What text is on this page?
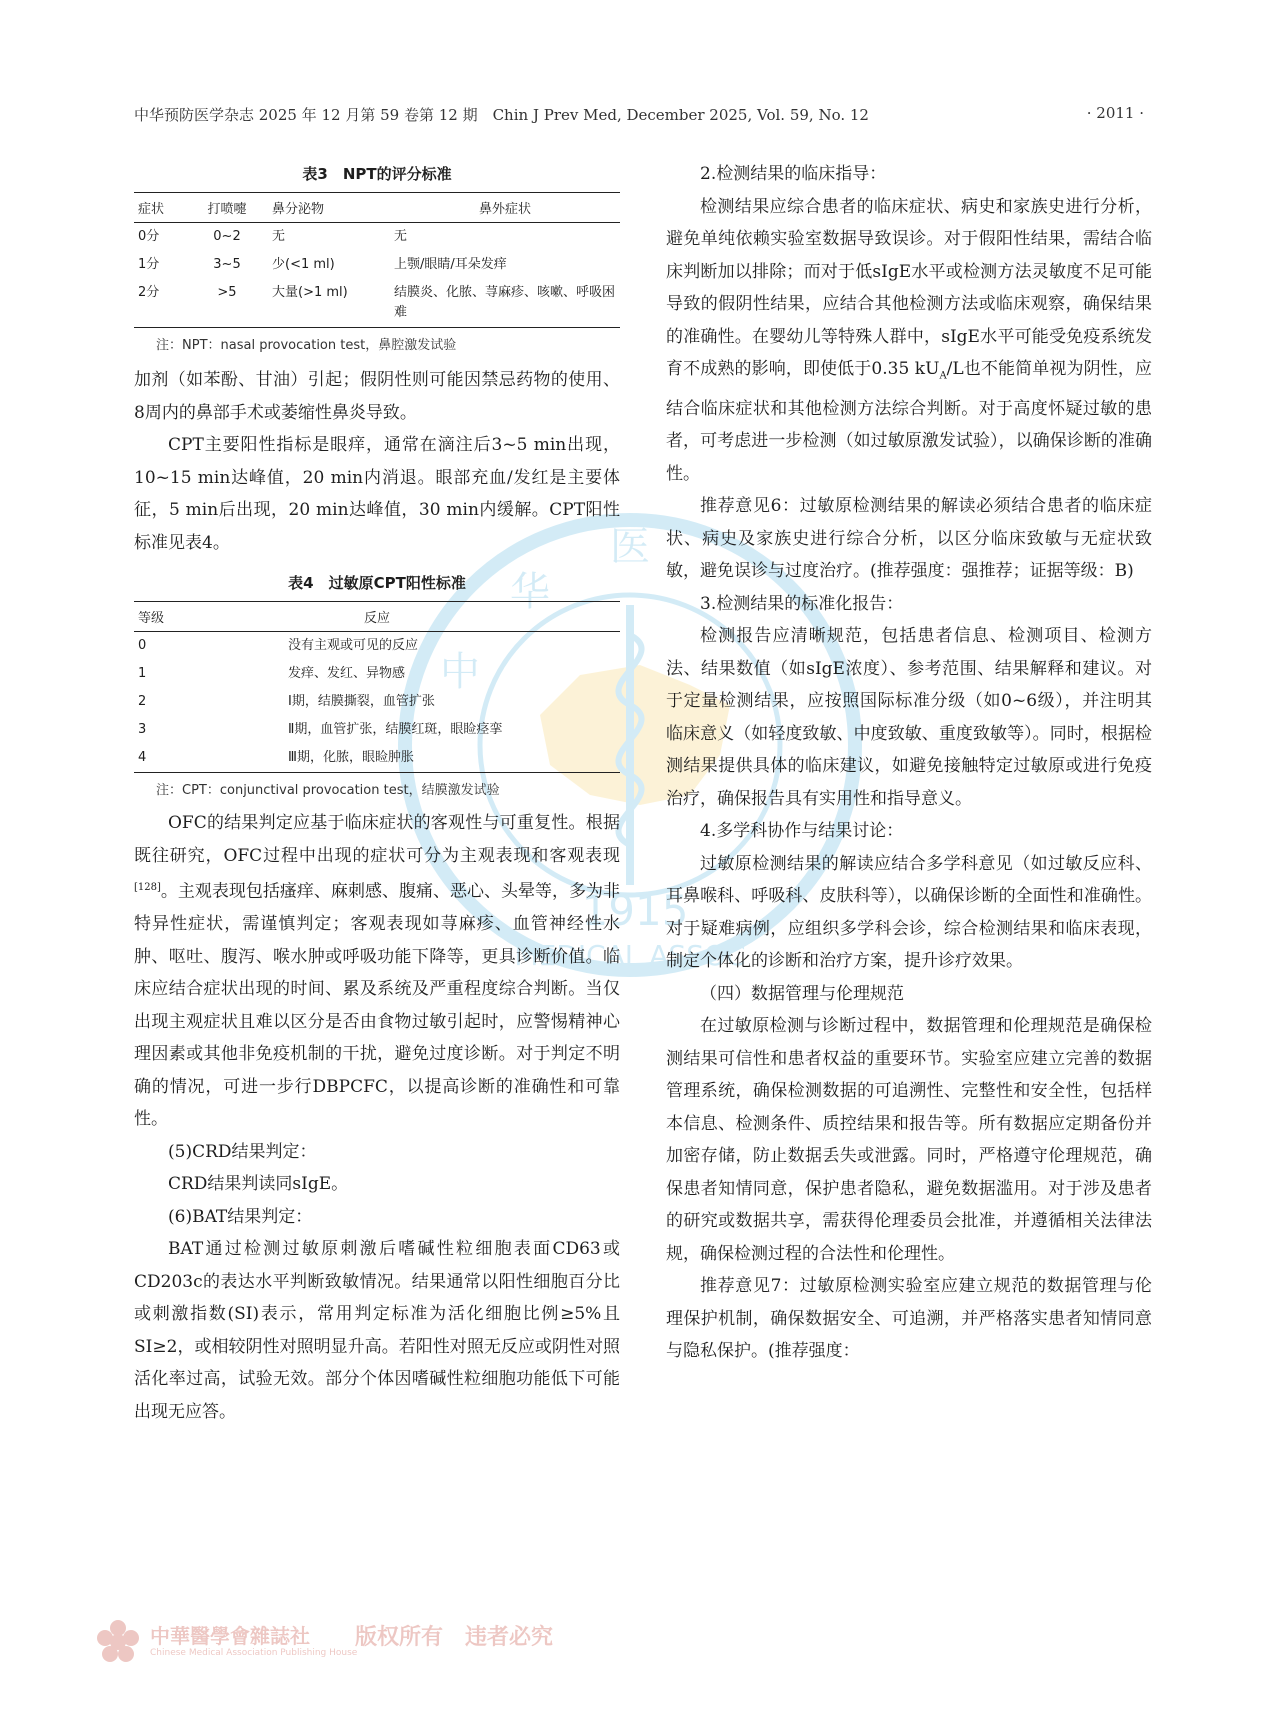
医
华
中
1915
MEDICAL ASSOC
中华预防医学杂志 2025 年 12 月第 59 卷第 12 期　Chin J Prev Med, December 2025, Vol. 59, No. 12	· 2011 ·
表3　NPT的评分标准
症状	打喷嚏	鼻分泌物	鼻外症状
0分	0~2	无	无
1分	3~5	少(<1 ml)	上颚/眼睛/耳朵发痒
2分	>5	大量(>1 ml)	结膜炎、化脓、荨麻疹、咳嗽、呼吸困难
注：NPT：nasal provocation test，鼻腔激发试验

加剂（如苯酚、甘油）引起；假阴性则可能因禁忌药物的使用、8周内的鼻部手术或萎缩性鼻炎导致。

CPT主要阳性指标是眼痒，通常在滴注后3~5 min出现，10~15 min达峰值，20 min内消退。眼部充血/发红是主要体征，5 min后出现，20 min达峰值，30 min内缓解。CPT阳性标准见表4。

表4　过敏原CPT阳性标准
等级	反应
0	没有主观或可见的反应
1	发痒、发红、异物感
2	Ⅰ期，结膜撕裂，血管扩张
3	Ⅱ期，血管扩张，结膜红斑，眼睑痉挛
4	Ⅲ期，化脓，眼睑肿胀
注：CPT：conjunctival provocation test，结膜激发试验

OFC的结果判定应基于临床症状的客观性与可重复性。根据既往研究，OFC过程中出现的症状可分为主观表现和客观表现[128]。主观表现包括瘙痒、麻刺感、腹痛、恶心、头晕等，多为非特异性症状，需谨慎判定；客观表现如荨麻疹、血管神经性水肿、呕吐、腹泻、喉水肿或呼吸功能下降等，更具诊断价值。临床应结合症状出现的时间、累及系统及严重程度综合判断。当仅出现主观症状且难以区分是否由食物过敏引起时，应警惕精神心理因素或其他非免疫机制的干扰，避免过度诊断。对于判定不明确的情况，可进一步行DBPCFC，以提高诊断的准确性和可靠性。

(5)CRD结果判定：

CRD结果判读同sIgE。

(6)BAT结果判定：

BAT通过检测过敏原刺激后嗜碱性粒细胞表面CD63或CD203c的表达水平判断致敏情况。结果通常以阳性细胞百分比或刺激指数(SI)表示，常用判定标准为活化细胞比例≥5%且SI≥2，或相较阴性对照明显升高。若阳性对照无反应或阴性对照活化率过高，试验无效。部分个体因嗜碱性粒细胞功能低下可能出现无应答。

2.检测结果的临床指导：

检测结果应综合患者的临床症状、病史和家族史进行分析，避免单纯依赖实验室数据导致误诊。对于假阳性结果，需结合临床判断加以排除；而对于低sIgE水平或检测方法灵敏度不足可能导致的假阴性结果，应结合其他检测方法或临床观察，确保结果的准确性。在婴幼儿等特殊人群中，sIgE水平可能受免疫系统发育不成熟的影响，即使低于0.35 $kU_A/L$也不能简单视为阴性，应结合临床症状和其他检测方法综合判断。对于高度怀疑过敏的患者，可考虑进一步检测（如过敏原激发试验），以确保诊断的准确性。

推荐意见6：过敏原检测结果的解读必须结合患者的临床症状、病史及家族史进行综合分析，以区分临床致敏与无症状致敏，避免误诊与过度治疗。(推荐强度：强推荐；证据等级：B)

3.检测结果的标准化报告：

检测报告应清晰规范，包括患者信息、检测项目、检测方法、结果数值（如sIgE浓度）、参考范围、结果解释和建议。对于定量检测结果，应按照国际标准分级（如0~6级），并注明其临床意义（如轻度致敏、中度致敏、重度致敏等）。同时，根据检测结果提供具体的临床建议，如避免接触特定过敏原或进行免疫治疗，确保报告具有实用性和指导意义。

4.多学科协作与结果讨论：

过敏原检测结果的解读应结合多学科意见（如过敏反应科、耳鼻喉科、呼吸科、皮肤科等），以确保诊断的全面性和准确性。对于疑难病例，应组织多学科会诊，综合检测结果和临床表现，制定个体化的诊断和治疗方案，提升诊疗效果。

（四）数据管理与伦理规范

在过敏原检测与诊断过程中，数据管理和伦理规范是确保检测结果可信性和患者权益的重要环节。实验室应建立完善的数据管理系统，确保检测数据的可追溯性、完整性和安全性，包括样本信息、检测条件、质控结果和报告等。所有数据应定期备份并加密存储，防止数据丢失或泄露。同时，严格遵守伦理规范，确保患者知情同意，保护患者隐私，避免数据滥用。对于涉及患者的研究或数据共享，需获得伦理委员会批准，并遵循相关法律法规，确保检测过程的合法性和伦理性。

推荐意见7：过敏原检测实验室应建立规范的数据管理与伦理保护机制，确保数据安全、可追溯，并严格落实患者知情同意与隐私保护。(推荐强度：

中華醫學會雜誌社
Chinese Medical Association Publishing House
版权所有　违者必究
